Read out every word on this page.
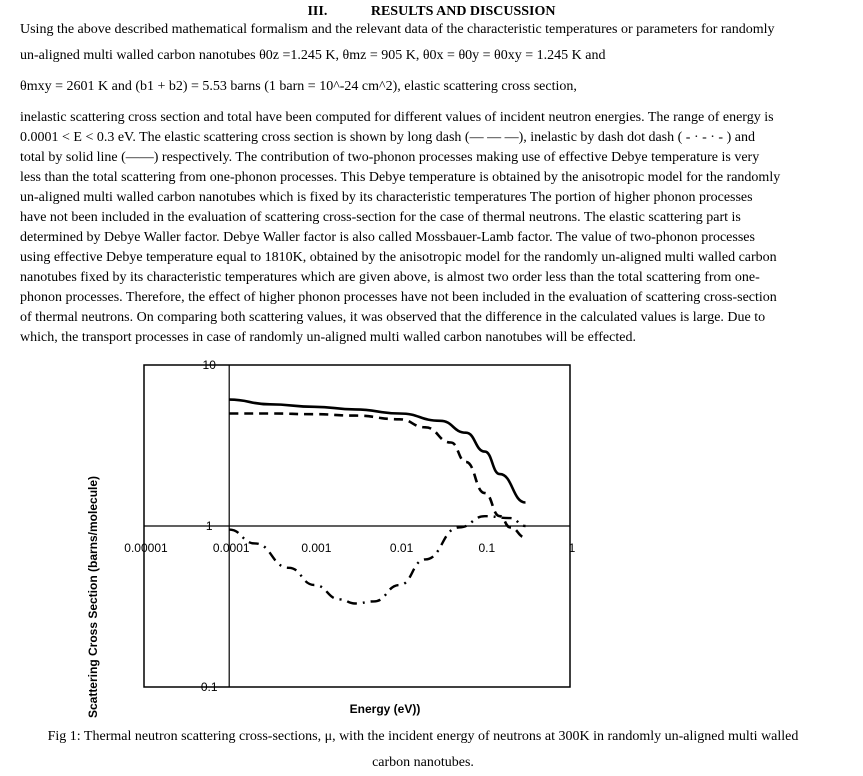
III.	RESULTS AND DISCUSSION
Using the above described mathematical formalism and the relevant data of the characteristic temperatures or parameters for randomly
un-aligned multi walled carbon nanotubes θ0z =1.245 K, θmz = 905 K, θ0x = θ0y = θ0xy = 1.245 K and
θmxy = 2601 K and (b1 + b2) = 5.53 barns (1 barn = 10^-24 cm^2), elastic scattering cross section,
inelastic scattering cross section and total have been computed for different values of incident neutron energies. The range of energy is
0.0001 < E < 0.3 eV. The elastic scattering cross section is shown by long dash (— — —), inelastic by dash dot dash ( - · - · - ) and
total by solid line (——) respectively. The contribution of two-phonon processes making use of effective Debye temperature is very
less than the total scattering from one-phonon processes. This Debye temperature is obtained by the anisotropic model for the randomly
un-aligned multi walled carbon nanotubes which is fixed by its characteristic temperatures The portion of higher phonon processes
have not been included in the evaluation of scattering cross-section for the case of thermal neutrons. The elastic scattering part is
determined by Debye Waller factor. Debye Waller factor is also called Mossbauer-Lamb factor. The value of two-phonon processes
using effective Debye temperature equal to 1810K, obtained by the anisotropic model for the randomly un-aligned multi walled carbon
nanotubes fixed by its characteristic temperatures which are given above, is almost two order less than the total scattering from one-
phonon processes. Therefore, the effect of higher phonon processes have not been included in the evaluation of scattering cross-section
of thermal neutrons. On comparing both scattering values, it was observed that the difference in the calculated values is large. Due to
which, the transport processes in case of randomly un-aligned multi walled carbon nanotubes will be effected.
0.00001	0.0001	0.001	0.01	0.1	1
10
1
0.1
Energy (eV))
Scattering Cross Section (barns/molecule)
Fig 1: Thermal neutron scattering cross-sections, μ, with the incident energy of neutrons at 300K in randomly un-aligned multi walled
carbon nanotubes.
